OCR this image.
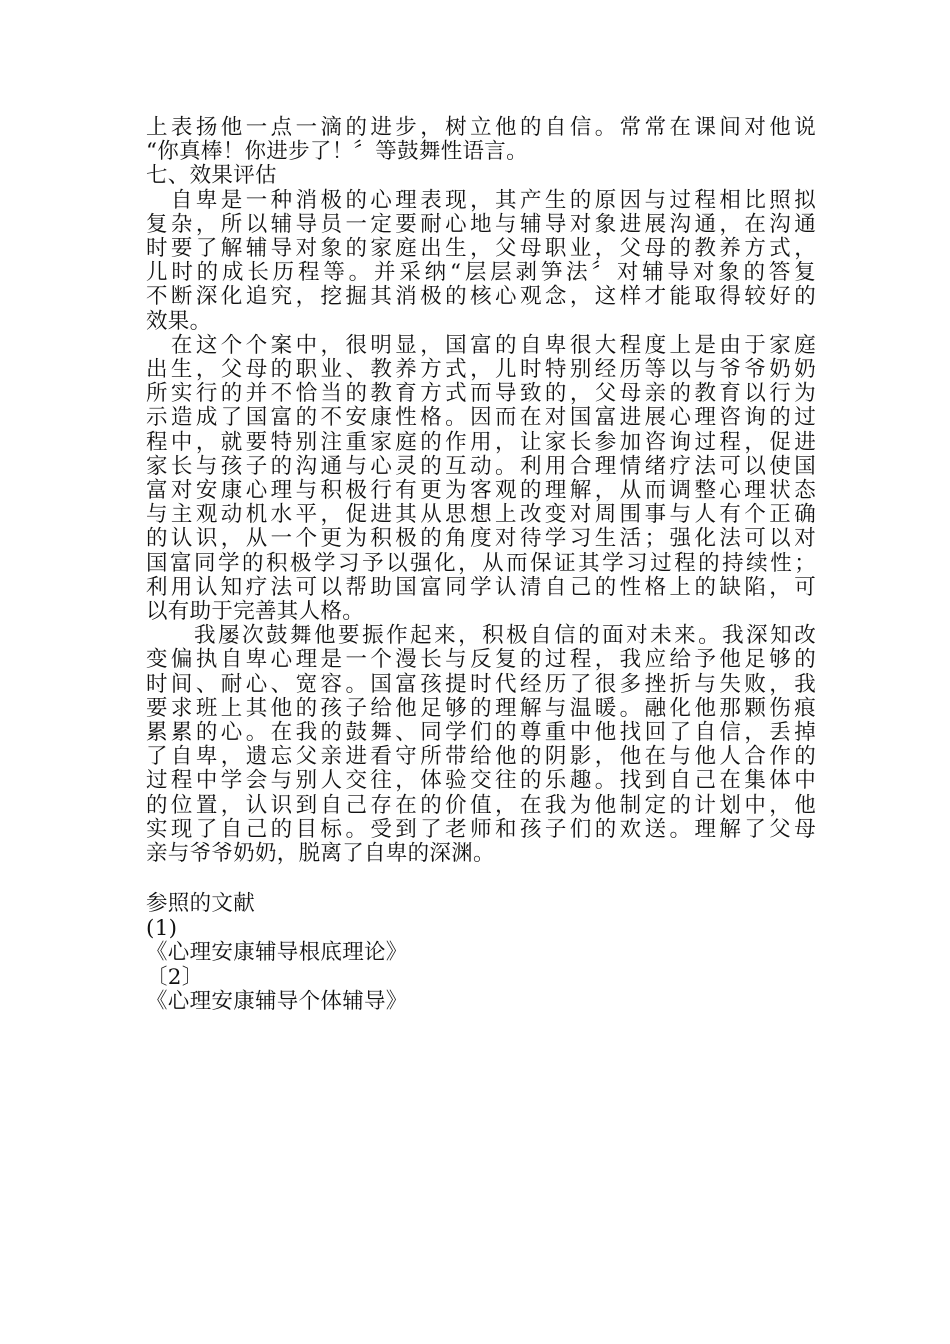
上表扬他一点一滴的进步，树立他的自信。常常在课间对他说
“你真棒！你进步了！〞等鼓舞性语言。
七、效果评估
　自卑是一种消极的心理表现，其产生的原因与过程相比照拟
复杂，所以辅导员一定要耐心地与辅导对象进展沟通，在沟通
时要了解辅导对象的家庭出生，父母职业，父母的教养方式，
儿时的成长历程等。并采纳“层层剥笋法〞对辅导对象的答复
不断深化追究，挖掘其消极的核心观念，这样才能取得较好的
效果。
　在这个个案中，很明显，国富的自卑很大程度上是由于家庭
出生，父母的职业、教养方式，儿时特别经历等以与爷爷奶奶
所实行的并不恰当的教育方式而导致的，父母亲的教育以行为
示造成了国富的不安康性格。因而在对国富进展心理咨询的过
程中，就要特别注重家庭的作用，让家长参加咨询过程，促进
家长与孩子的沟通与心灵的互动。利用合理情绪疗法可以使国
富对安康心理与积极行有更为客观的理解，从而调整心理状态
与主观动机水平，促进其从思想上改变对周围事与人有个正确
的认识，从一个更为积极的角度对待学习生活；强化法可以对
国富同学的积极学习予以强化，从而保证其学习过程的持续性；
利用认知疗法可以帮助国富同学认清自己的性格上的缺陷，可
以有助于完善其人格。
　　我屡次鼓舞他要振作起来，积极自信的面对未来。我深知改
变偏执自卑心理是一个漫长与反复的过程，我应给予他足够的
时间、耐心、宽容。国富孩提时代经历了很多挫折与失败，我
要求班上其他的孩子给他足够的理解与温暖。融化他那颗伤痕
累累的心。在我的鼓舞、同学们的尊重中他找回了自信，丢掉
了自卑，遗忘父亲进看守所带给他的阴影，他在与他人合作的
过程中学会与别人交往，体验交往的乐趣。找到自己在集体中
的位置，认识到自己存在的价值，在我为他制定的计划中，他
实现了自己的目标。受到了老师和孩子们的欢送。理解了父母
亲与爷爷奶奶，脱离了自卑的深渊。
参照的文献
(1)
《心理安康辅导根底理论》
〔2〕
《心理安康辅导个体辅导》
